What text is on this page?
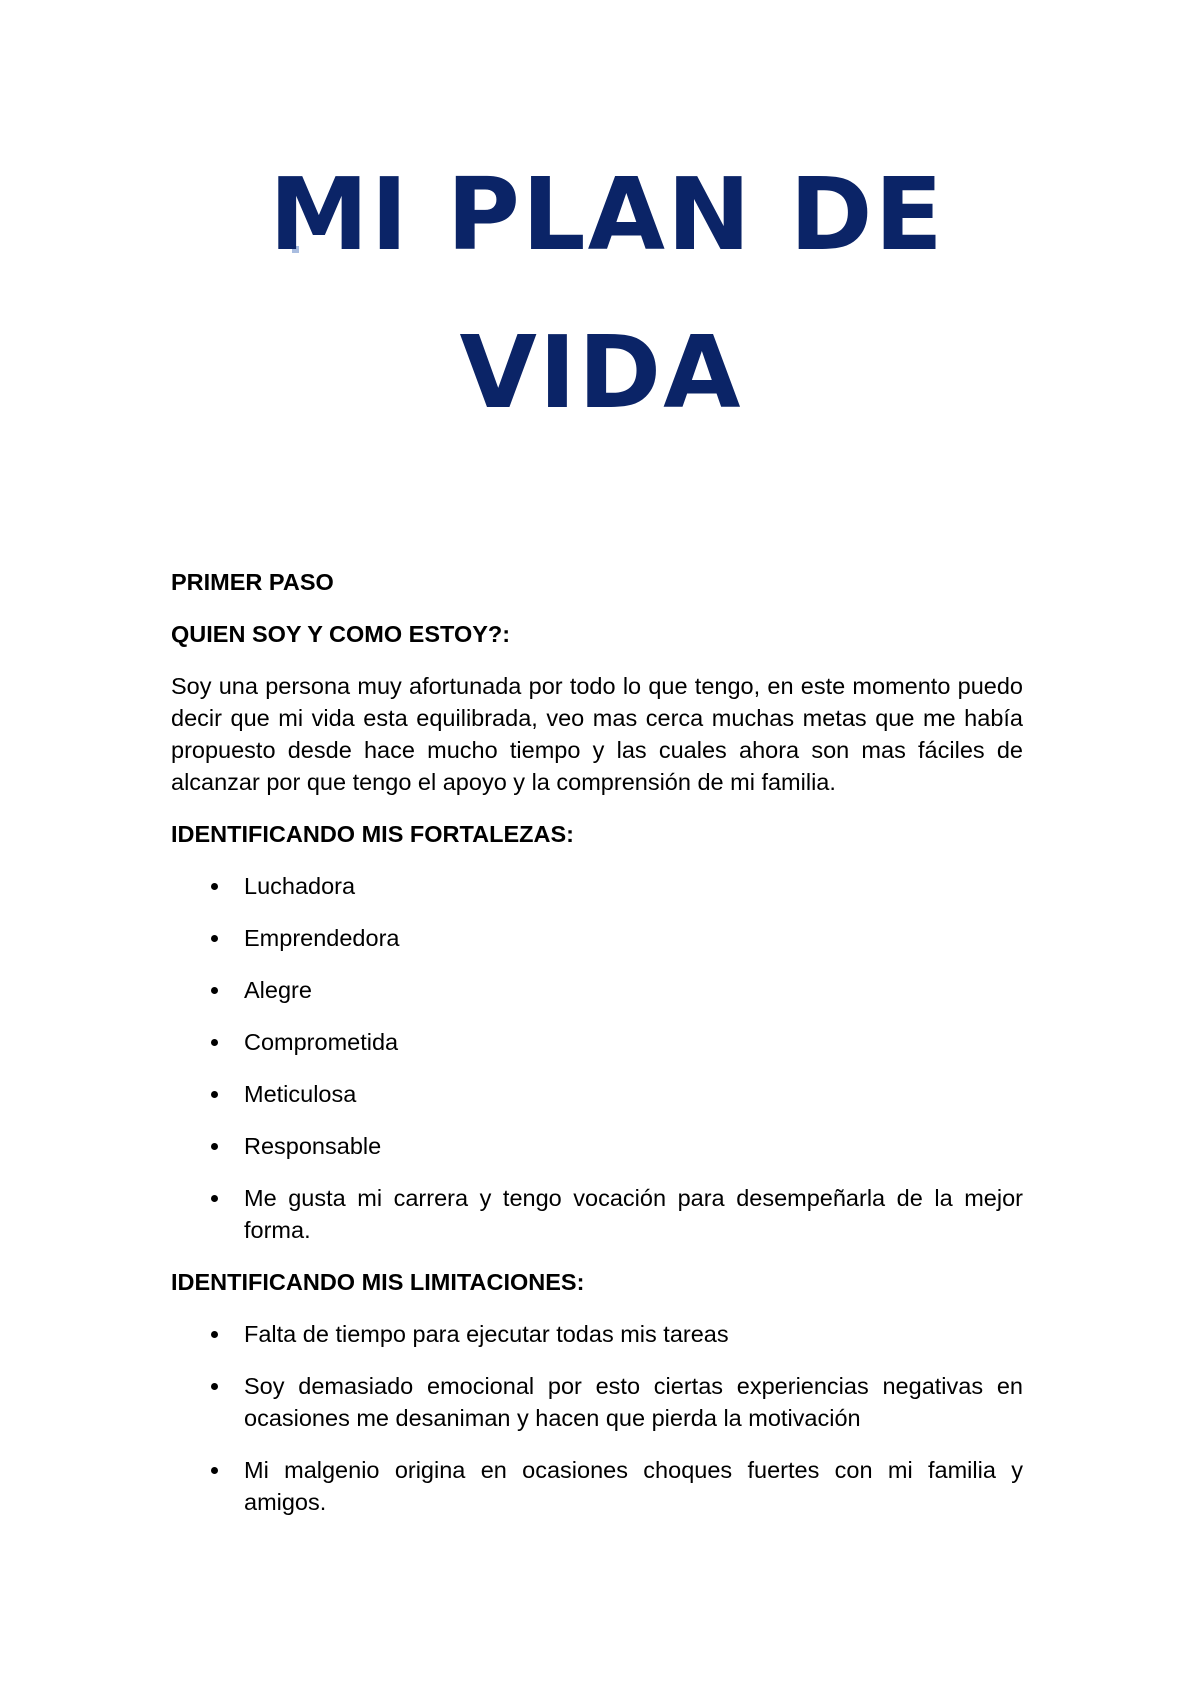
MI PLAN DE
VIDA

PRIMER PASO

QUIEN SOY Y COMO ESTOY?:

Soy una persona muy afortunada por todo lo que tengo, en este momento puedo decir que mi vida esta equilibrada, veo mas cerca muchas metas que me había propuesto desde hace mucho tiempo y las cuales ahora son mas fáciles de alcanzar por que tengo el apoyo y la comprensión de mi familia.

IDENTIFICANDO MIS FORTALEZAS:

Luchadora
Emprendedora
Alegre
Comprometida
Meticulosa
Responsable
Me gusta mi carrera y tengo vocación para desempeñarla de la mejor forma.

IDENTIFICANDO MIS LIMITACIONES:

Falta de tiempo para ejecutar todas mis tareas
Soy demasiado emocional por esto ciertas experiencias negativas en ocasiones me desaniman y hacen que pierda la motivación
Mi malgenio origina en ocasiones choques fuertes con mi familia y amigos.
